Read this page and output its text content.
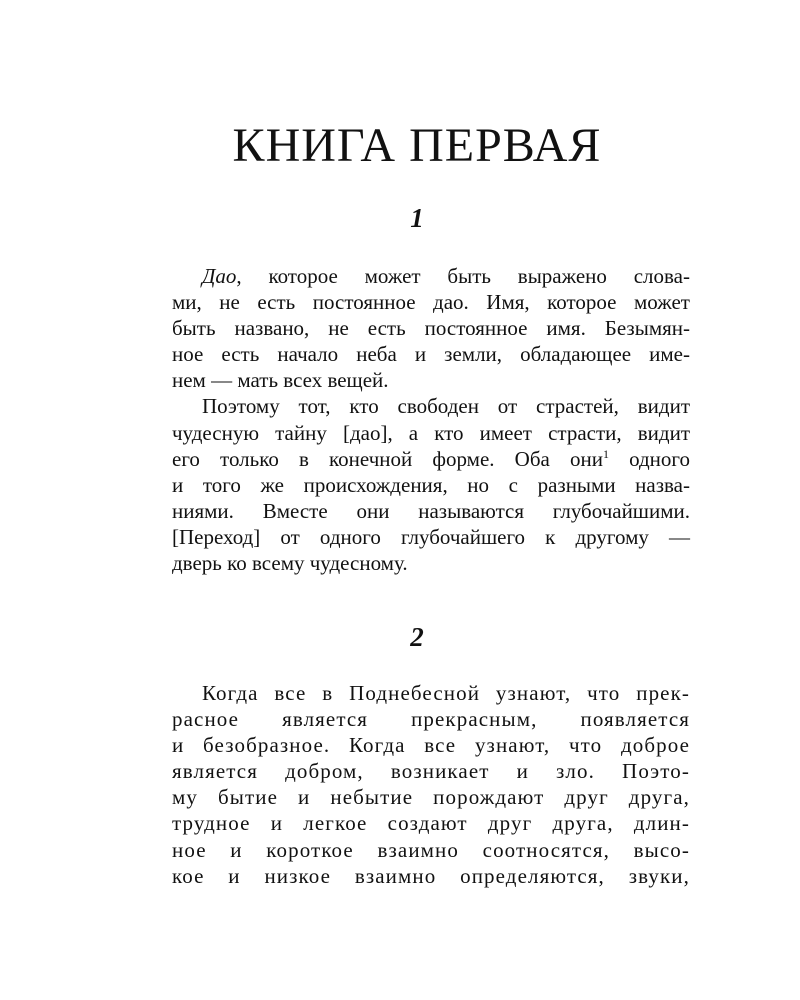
КНИГА ПЕРВАЯ
1
Дао, которое может быть выражено слова-
ми, не есть постоянное дао. Имя, которое может
быть названо, не есть постоянное имя. Безымян-
ное есть начало неба и земли, обладающее име-
нем — мать всех вещей.
Поэтому тот, кто свободен от страстей, видит
чудесную тайну [дао], а кто имеет страсти, видит
его только в конечной форме. Оба они$^1$ одного
и того же происхождения, но с разными назва-
ниями. Вместе они называются глубочайшими.
[Переход] от одного глубочайшего к другому —
дверь ко всему чудесному.
2
Когда все в Поднебесной узнают, что прек-
расное является прекрасным, появляется
и безобразное. Когда все узнают, что доброе
является добром, возникает и зло. Поэто-
му бытие и небытие порождают друг друга,
трудное и легкое создают друг друга, длин-
ное и короткое взаимно соотносятся, высо-
кое и низкое взаимно определяются, звуки,
